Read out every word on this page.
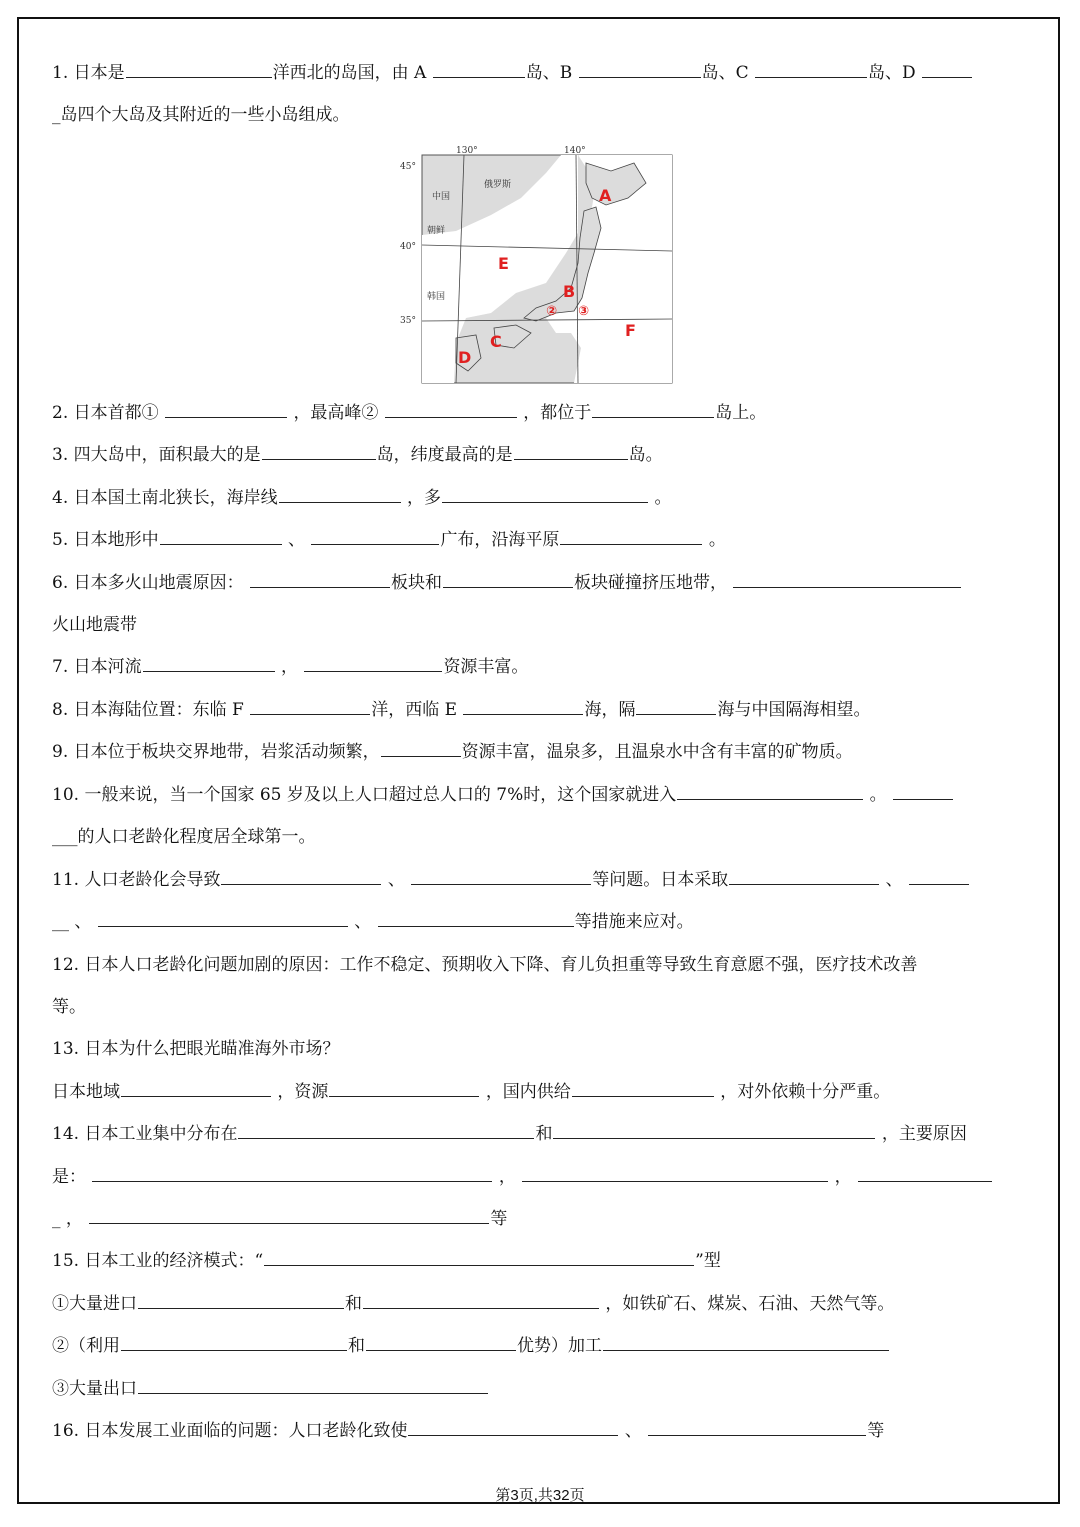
1. 日本是	洋西北的岛国，由 A	岛、B	岛、C	岛、D
_岛四个大岛及其附近的一些小岛组成。
130°	140°
45°
40°
35°
中国
俄罗斯
朝鲜
韩国
A
B
C
D
E
F
② ③
2. 日本首都①	，最高峰②	，都位于	岛上。
3. 四大岛中，面积最大的是	岛，纬度最高的是	岛。
4. 日本国土南北狭长，海岸线	，多	。
5. 日本地形中	、	广布，沿海平原	。
6. 日本多火山地震原因：	板块和	板块碰撞挤压地带，
火山地震带
7. 日本河流	，	资源丰富。
8. 日本海陆位置：东临 F	洋，西临 E	海，隔	海与中国隔海相望。
9. 日本位于板块交界地带，岩浆活动频繁，	资源丰富，温泉多，且温泉水中含有丰富的矿物质。
10. 一般来说，当一个国家 65 岁及以上人口超过总人口的 7%时，这个国家就进入	。
___的人口老龄化程度居全球第一。
11. 人口老龄化会导致	、	等问题。日本采取	、
__ 、	、	等措施来应对。
12. 日本人口老龄化问题加剧的原因：工作不稳定、预期收入下降、育儿负担重等导致生育意愿不强，医疗技术改善
等。
13. 日本为什么把眼光瞄准海外市场？
日本地域	，资源	，国内供给	，对外依赖十分严重。
14. 日本工业集中分布在	和	，主要原因
是：	，	，
_ ，	等
15. 日本工业的经济模式：“	”型
①大量进口	和	，如铁矿石、煤炭、石油、天然气等。
②（利用	和	优势）加工
③大量出口
16. 日本发展工业面临的问题：人口老龄化致使	、	等
第3页,共32页
